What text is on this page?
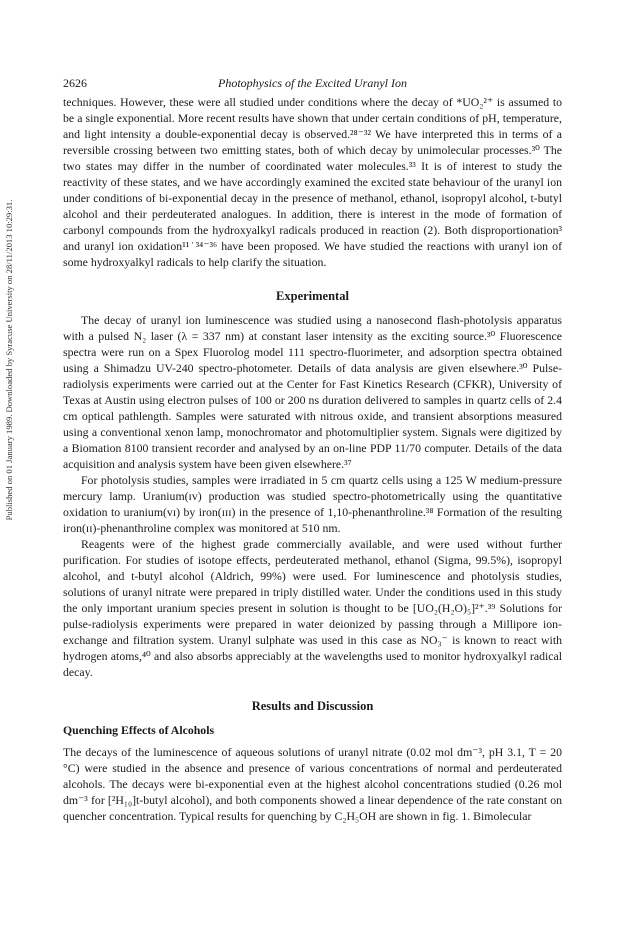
Published on 01 January 1989. Downloaded by Syracuse University on 28/11/2013 10:29:31.
2626	Photophysics of the Excited Uranyl Ion

techniques. However, these were all studied under conditions where the decay of *UO₂²⁺ is assumed to be a single exponential. More recent results have shown that under certain conditions of pH, temperature, and light intensity a double-exponential decay is observed.²⁸⁻³² We have interpreted this in terms of a reversible crossing between two emitting states, both of which decay by unimolecular processes.³⁰ The two states may differ in the number of coordinated water molecules.³³ It is of interest to study the reactivity of these states, and we have accordingly examined the excited state behaviour of the uranyl ion under conditions of bi-exponential decay in the presence of methanol, ethanol, isopropyl alcohol, t-butyl alcohol and their perdeuterated analogues. In addition, there is interest in the mode of formation of carbonyl compounds from the hydroxyalkyl radicals produced in reaction (2). Both disproportionation³ and uranyl ion oxidation¹¹˙³⁴⁻³⁶ have been proposed. We have studied the reactions with uranyl ion of some hydroxyalkyl radicals to help clarify the situation.

Experimental

The decay of uranyl ion luminescence was studied using a nanosecond flash-photolysis apparatus with a pulsed N₂ laser (λ = 337 nm) at constant laser intensity as the exciting source.³⁰ Fluorescence spectra were run on a Spex Fluorolog model 111 spectro-fluorimeter, and adsorption spectra obtained using a Shimadzu UV-240 spectro-photometer. Details of data analysis are given elsewhere.³⁰ Pulse-radiolysis experiments were carried out at the Center for Fast Kinetics Research (CFKR), University of Texas at Austin using electron pulses of 100 or 200 ns duration delivered to samples in quartz cells of 2.4 cm optical pathlength. Samples were saturated with nitrous oxide, and transient absorptions measured using a conventional xenon lamp, monochromator and photomultiplier system. Signals were digitized by a Biomation 8100 transient recorder and analysed by an on-line PDP 11/70 computer. Details of the data acquisition and analysis system have been given elsewhere.³⁷

For photolysis studies, samples were irradiated in 5 cm quartz cells using a 125 W medium-pressure mercury lamp. Uranium(ɪᴠ) production was studied spectro-photometrically using the quantitative oxidation to uranium(ᴠɪ) by iron(ɪɪɪ) in the presence of 1,10-phenanthroline.³⁸ Formation of the resulting iron(ɪɪ)-phenanthroline complex was monitored at 510 nm.

Reagents were of the highest grade commercially available, and were used without further purification. For studies of isotope effects, perdeuterated methanol, ethanol (Sigma, 99.5%), isopropyl alcohol, and t-butyl alcohol (Aldrich, 99%) were used. For luminescence and photolysis studies, solutions of uranyl nitrate were prepared in triply distilled water. Under the conditions used in this study the only important uranium species present in solution is thought to be [UO₂(H₂O)₅]²⁺.³⁹ Solutions for pulse-radiolysis experiments were prepared in water deionized by passing through a Millipore ion-exchange and filtration system. Uranyl sulphate was used in this case as NO₃⁻ is known to react with hydrogen atoms,⁴⁰ and also absorbs appreciably at the wavelengths used to monitor hydroxyalkyl radical decay.

Results and Discussion
Quenching Effects of Alcohols

The decays of the luminescence of aqueous solutions of uranyl nitrate (0.02 mol dm⁻³, pH 3.1, T = 20 °C) were studied in the absence and presence of various concentrations of normal and perdeuterated alcohols. The decays were bi-exponential even at the highest alcohol concentrations studied (0.26 mol dm⁻³ for [²H₁₀]t-butyl alcohol), and both components showed a linear dependence of the rate constant on quencher concentration. Typical results for quenching by C₂H₅OH are shown in fig. 1. Bimolecular
